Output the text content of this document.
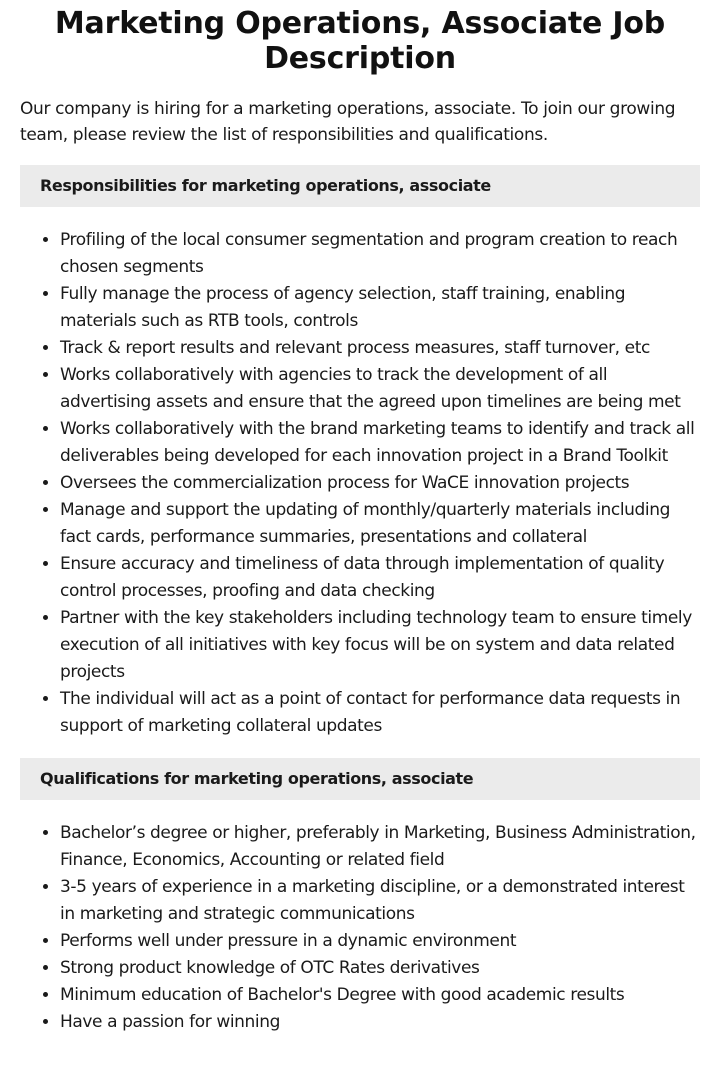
Marketing Operations, Associate Job Description

Our company is hiring for a marketing operations, associate. To join our growing team, please review the list of responsibilities and qualifications.

Responsibilities for marketing operations, associate
• Profiling of the local consumer segmentation and program creation to reach chosen segments
• Fully manage the process of agency selection, staff training, enabling materials such as RTB tools, controls
• Track & report results and relevant process measures, staff turnover, etc
• Works collaboratively with agencies to track the development of all advertising assets and ensure that the agreed upon timelines are being met
• Works collaboratively with the brand marketing teams to identify and track all deliverables being developed for each innovation project in a Brand Toolkit
• Oversees the commercialization process for WaCE innovation projects
• Manage and support the updating of monthly/quarterly materials including fact cards, performance summaries, presentations and collateral
• Ensure accuracy and timeliness of data through implementation of quality control processes, proofing and data checking
• Partner with the key stakeholders including technology team to ensure timely execution of all initiatives with key focus will be on system and data related projects
• The individual will act as a point of contact for performance data requests in support of marketing collateral updates
Qualifications for marketing operations, associate
• Bachelor’s degree or higher, preferably in Marketing, Business Administration, Finance, Economics, Accounting or related field
• 3-5 years of experience in a marketing discipline, or a demonstrated interest in marketing and strategic communications
• Performs well under pressure in a dynamic environment
• Strong product knowledge of OTC Rates derivatives
• Minimum education of Bachelor's Degree with good academic results
• Have a passion for winning
